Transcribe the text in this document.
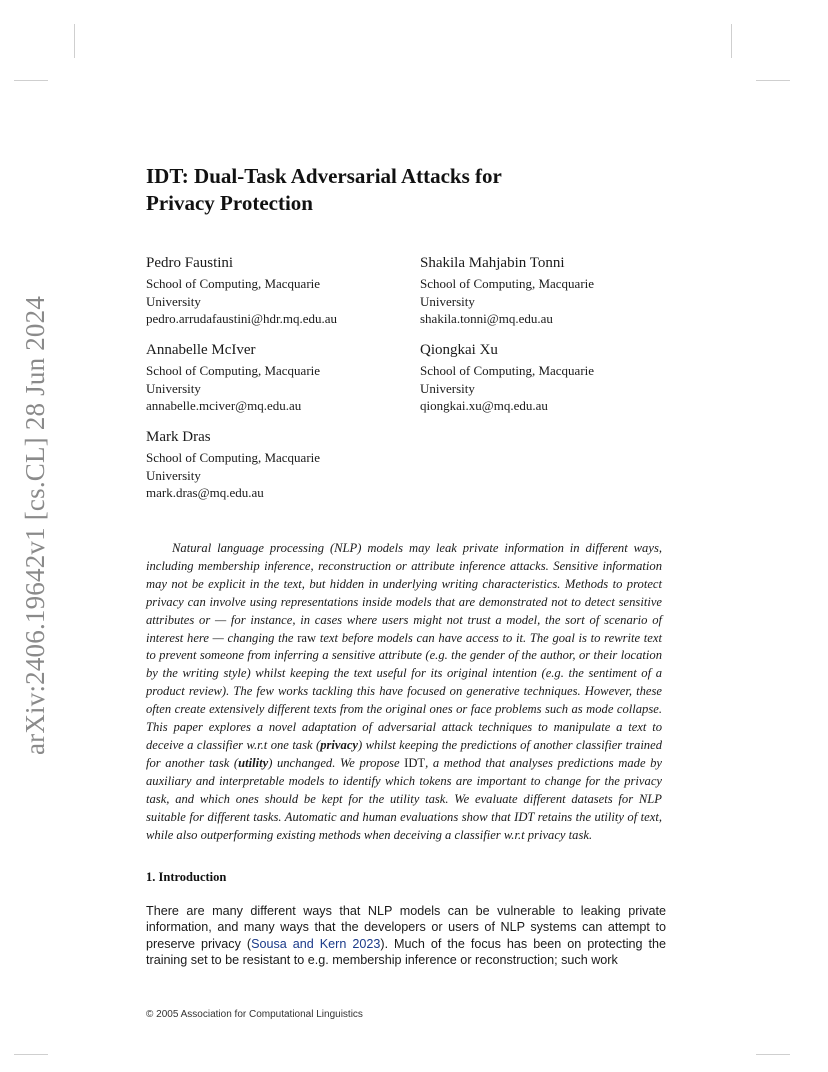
arXiv:2406.19642v1 [cs.CL] 28 Jun 2024
IDT: Dual-Task Adversarial Attacks for
Privacy Protection
Pedro Faustini
School of Computing, Macquarie
University
pedro.arrudafaustini@hdr.mq.edu.au
Shakila Mahjabin Tonni
School of Computing, Macquarie
University
shakila.tonni@mq.edu.au
Annabelle McIver
School of Computing, Macquarie
University
annabelle.mciver@mq.edu.au
Qiongkai Xu
School of Computing, Macquarie
University
qiongkai.xu@mq.edu.au
Mark Dras
School of Computing, Macquarie
University
mark.dras@mq.edu.au

Natural language processing (NLP) models may leak private information in different ways, including membership inference, reconstruction or attribute inference attacks. Sensitive information may not be explicit in the text, but hidden in underlying writing characteristics. Methods to protect privacy can involve using representations inside models that are demonstrated not to detect sensitive attributes or — for instance, in cases where users might not trust a model, the sort of scenario of interest here — changing the raw text before models can have access to it. The goal is to rewrite text to prevent someone from inferring a sensitive attribute (e.g. the gender of the author, or their location by the writing style) whilst keeping the text useful for its original intention (e.g. the sentiment of a product review). The few works tackling this have focused on generative techniques. However, these often create extensively different texts from the original ones or face problems such as mode collapse. This paper explores a novel adaptation of adversarial attack techniques to manipulate a text to deceive a classifier w.r.t one task (privacy) whilst keeping the predictions of another classifier trained for another task (utility) unchanged. We propose IDT, a method that analyses predictions made by auxiliary and interpretable models to identify which tokens are important to change for the privacy task, and which ones should be kept for the utility task. We evaluate different datasets for NLP suitable for different tasks. Automatic and human evaluations show that IDT retains the utility of text, while also outperforming existing methods when deceiving a classifier w.r.t privacy task.

1. Introduction

There are many different ways that NLP models can be vulnerable to leaking private information, and many ways that the developers or users of NLP systems can attempt to preserve privacy (Sousa and Kern 2023). Much of the focus has been on protecting the training set to be resistant to e.g. membership inference or reconstruction; such work

© 2005 Association for Computational Linguistics
